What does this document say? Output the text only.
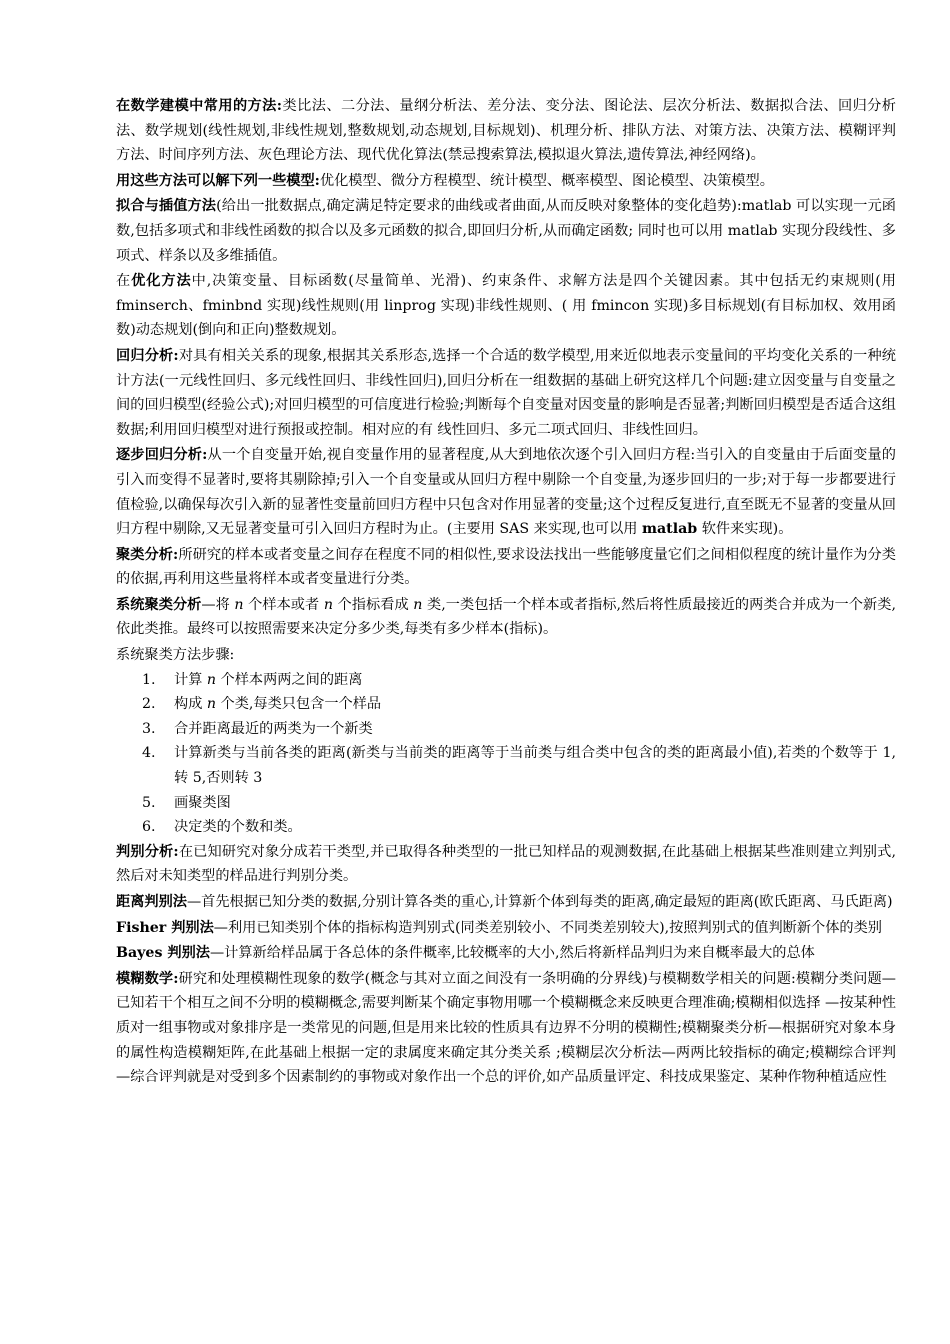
在数学建模中常用的方法:类比法、二分法、量纲分析法、差分法、变分法、图论法、层次分析法、数据拟合法、回归分析法、数学规划(线性规划,非线性规划,整数规划,动态规划,目标规划)、机理分析、排队方法、对策方法、决策方法、模糊评判方法、时间序列方法、灰色理论方法、现代优化算法(禁忌搜索算法,模拟退火算法,遗传算法,神经网络)。

用这些方法可以解下列一些模型:优化模型、微分方程模型、统计模型、概率模型、图论模型、决策模型。

拟合与插值方法(给出一批数据点,确定满足特定要求的曲线或者曲面,从而反映对象整体的变化趋势):matlab 可以实现一元函数,包括多项式和非线性函数的拟合以及多元函数的拟合,即回归分析,从而确定函数; 同时也可以用 matlab 实现分段线性、多项式、样条以及多维插值。

在优化方法中,决策变量、目标函数(尽量简单、光滑)、约束条件、求解方法是四个关键因素。其中包括无约束规则(用 fminserch、fminbnd 实现)线性规则(用 linprog 实现)非线性规则、( 用 fmincon 实现)多目标规划(有目标加权、效用函数)动态规划(倒向和正向)整数规划。

回归分析:对具有相关关系的现象,根据其关系形态,选择一个合适的数学模型,用来近似地表示变量间的平均变化关系的一种统计方法(一元线性回归、多元线性回归、非线性回归),回归分析在一组数据的基础上研究这样几个问题:建立因变量与自变量之间的回归模型(经验公式);对回归模型的可信度进行检验;判断每个自变量对因变量的影响是否显著;判断回归模型是否适合这组数据;利用回归模型对进行预报或控制。相对应的有 线性回归、多元二项式回归、非线性回归。

逐步回归分析:从一个自变量开始,视自变量作用的显著程度,从大到地依次逐个引入回归方程:当引入的自变量由于后面变量的引入而变得不显著时,要将其剔除掉;引入一个自变量或从回归方程中剔除一个自变量,为逐步回归的一步;对于每一步都要进行值检验,以确保每次引入新的显著性变量前回归方程中只包含对作用显著的变量;这个过程反复进行,直至既无不显著的变量从回归方程中剔除,又无显著变量可引入回归方程时为止。(主要用 SAS 来实现,也可以用 matlab 软件来实现)。

聚类分析:所研究的样本或者变量之间存在程度不同的相似性,要求设法找出一些能够度量它们之间相似程度的统计量作为分类的依据,再利用这些量将样本或者变量进行分类。

系统聚类分析—将 n 个样本或者 n 个指标看成 n 类,一类包括一个样本或者指标,然后将性质最接近的两类合并成为一个新类,依此类推。最终可以按照需要来决定分多少类,每类有多少样本(指标)。

系统聚类方法步骤:

1. 计算 n 个样本两两之间的距离
2. 构成 n 个类,每类只包含一个样品
3. 合并距离最近的两类为一个新类
4. 计算新类与当前各类的距离(新类与当前类的距离等于当前类与组合类中包含的类的距离最小值),若类的个数等于 1,转 5,否则转 3
5. 画聚类图
6. 决定类的个数和类。

判别分析:在已知研究对象分成若干类型,并已取得各种类型的一批已知样品的观测数据,在此基础上根据某些准则建立判别式,然后对未知类型的样品进行判别分类。

距离判别法—首先根据已知分类的数据,分别计算各类的重心,计算新个体到每类的距离,确定最短的距离(欧氏距离、马氏距离)

Fisher 判别法—利用已知类别个体的指标构造判别式(同类差别较小、不同类差别较大),按照判别式的值判断新个体的类别

Bayes 判别法—计算新给样品属于各总体的条件概率,比较概率的大小,然后将新样品判归为来自概率最大的总体

模糊数学:研究和处理模糊性现象的数学(概念与其对立面之间没有一条明确的分界线)与模糊数学相关的问题:模糊分类问题—已知若干个相互之间不分明的模糊概念,需要判断某个确定事物用哪一个模糊概念来反映更合理准确;模糊相似选择 —按某种性质对一组事物或对象排序是一类常见的问题,但是用来比较的性质具有边界不分明的模糊性;模糊聚类分析—根据研究对象本身的属性构造模糊矩阵,在此基础上根据一定的隶属度来确定其分类关系 ;模糊层次分析法—两两比较指标的确定;模糊综合评判—综合评判就是对受到多个因素制约的事物或对象作出一个总的评价,如产品质量评定、科技成果鉴定、某种作物种植适应性
